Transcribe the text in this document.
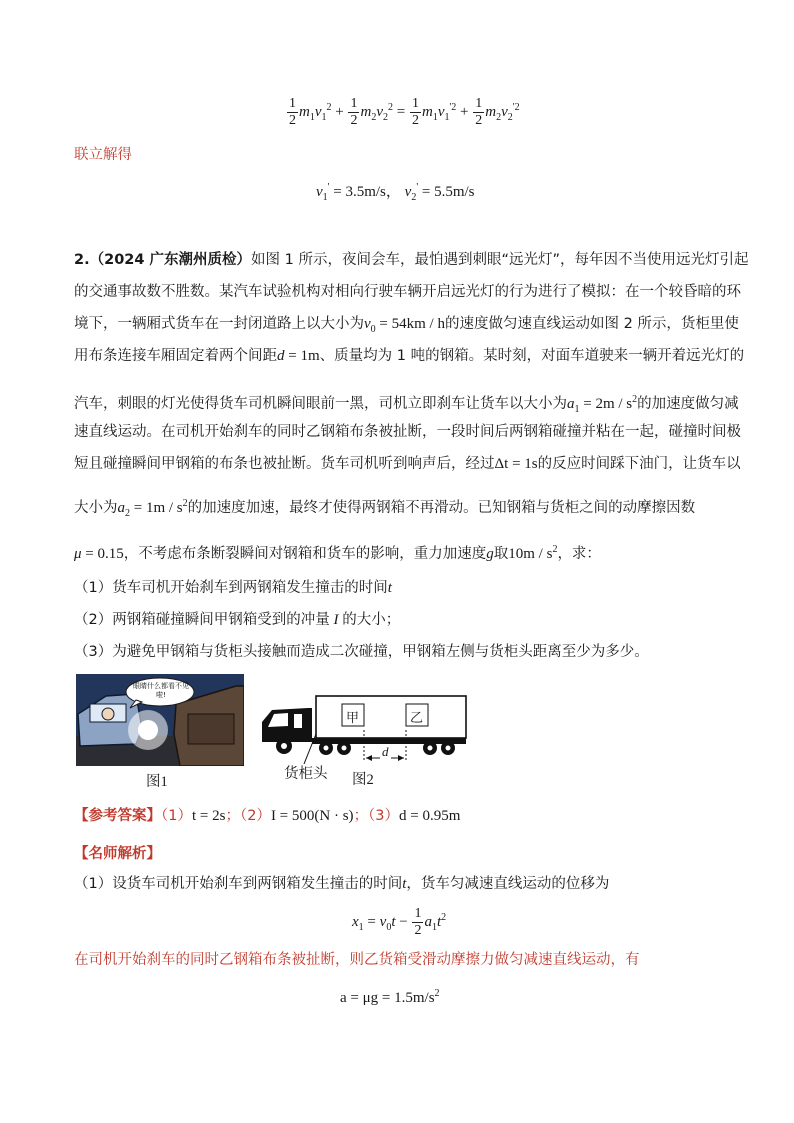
$\frac{1}{2} m_1v_1^2 + \frac{1}{2} m_2v_2^2 = \frac{1}{2} m_1v_1^{'2} + \frac{1}{2} m_2v_2^{'2}$
联立解得
$v_1' = 3.5m/s$， $v_2' = 5.5m/s$
2.（2024 广东潮州质检）如图 1 所示，夜间会车，最怕遇到刺眼“远光灯”，每年因不当使用远光灯引起
的交通事故数不胜数。某汽车试验机构对相向行驶车辆开启远光灯的行为进行了模拟：在一个较昏暗的环
境下，一辆厢式货车在一封闭道路上以大小为$v_0 = 54km / h$的速度做匀速直线运动如图 2 所示，货柜里使
用布条连接车厢固定着两个间距d = 1m、质量均为 1 吨的钢箱。某时刻，对面车道驶来一辆开着远光灯的
汽车，刺眼的灯光使得货车司机瞬间眼前一黑，司机立即刹车让货车以大小为$a_1 = 2m / s^2$的加速度做匀减
速直线运动。在司机开始刹车的同时乙钢箱布条被扯断，一段时间后两钢箱碰撞并粘在一起，碰撞时间极
短且碰撞瞬间甲钢箱的布条也被扯断。货车司机听到响声后，经过Δt = 1s的反应时间踩下油门，让货车以
大小为$a_2 = 1m / s^2$的加速度加速，最终才使得两钢箱不再滑动。已知钢箱与货柜之间的动摩擦因数
μ = 0.15，不考虑布条断裂瞬间对钢箱和货车的影响，重力加速度g取$10m / s^2$，求：
（1）货车司机开始刹车到两钢箱发生撞击的时间t
（2）两钢箱碰撞瞬间甲钢箱受到的冲量 I 的大小；
（3）为避免甲钢箱与货柜头接触而造成二次碰撞，甲钢箱左侧与货柜头距离至少为多少。
眼睛什么都看不见啦!
图1
甲	乙
d
货柜头 图2
【参考答案】（1）t = 2s；（2）I = 500(N · s)；（3）d = 0.95m
【名师解析】
（1）设货车司机开始刹车到两钢箱发生撞击的时间t，货车匀减速直线运动的位移为
$x_1 = v_0t - \frac{1}{2} a_1t^2$
在司机开始刹车的同时乙钢箱布条被扯断，则乙货箱受滑动摩擦力做匀减速直线运动，有
$a = \mu g = 1.5m/s^2$
